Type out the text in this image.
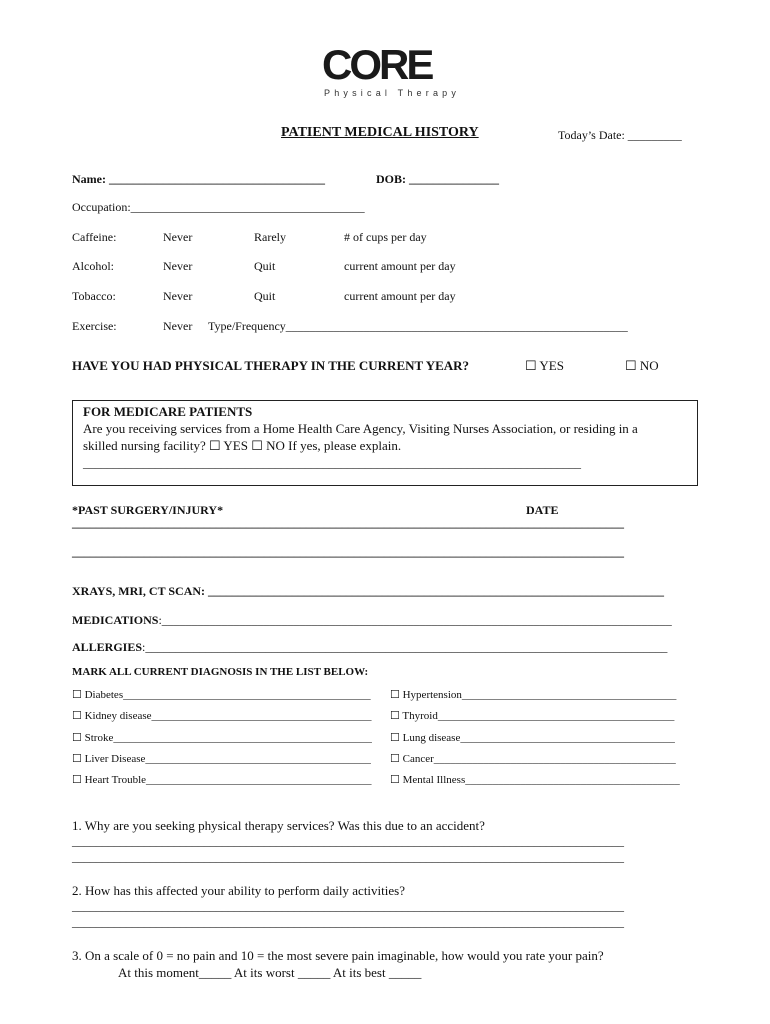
CORE
Physical Therapy
PATIENT MEDICAL HISTORY	Today’s Date: _________
Name: ____________________________________	DOB: _______________
Occupation:_______________________________________
Caffeine:	Never	Rarely	# of cups per day
Alcohol:	Never	Quit	current amount per day
Tobacco:	Never	Quit	current amount per day
Exercise:	Never Type/Frequency_________________________________________________________
HAVE YOU HAD PHYSICAL THERAPY IN THE CURRENT YEAR?	☐ YES	☐ NO
FOR MEDICARE PATIENTS
Are you receiving services from a Home Health Care Agency, Visiting Nurses Association, or residing in a
skilled nursing facility? ☐ YES ☐ NO If yes, please explain.
___________________________________________________________________________________
*PAST SURGERY/INJURY*	DATE
____________________________________________________________________________________________
____________________________________________________________________________________________
XRAYS, MRI, CT SCAN: ____________________________________________________________________________
MEDICATIONS:_____________________________________________________________________________________
ALLERGIES:_______________________________________________________________________________________
MARK ALL CURRENT DIAGNOSIS IN THE LIST BELOW:
☐ Diabetes_____________________________________________
☐ Kidney disease________________________________________
☐ Stroke_______________________________________________
☐ Liver Disease_________________________________________
☐ Heart Trouble_________________________________________
☐ Hypertension_______________________________________
☐ Thyroid___________________________________________
☐ Lung disease_______________________________________
☐ Cancer____________________________________________
☐ Mental Illness_______________________________________
1. Why are you seeking physical therapy services? Was this due to an accident?
____________________________________________________________________________________________
____________________________________________________________________________________________
2. How has this affected your ability to perform daily activities?
____________________________________________________________________________________________
____________________________________________________________________________________________
3. On a scale of 0 = no pain and 10 = the most severe pain imaginable, how would you rate your pain?
At this moment_____ At its worst _____ At its best _____
